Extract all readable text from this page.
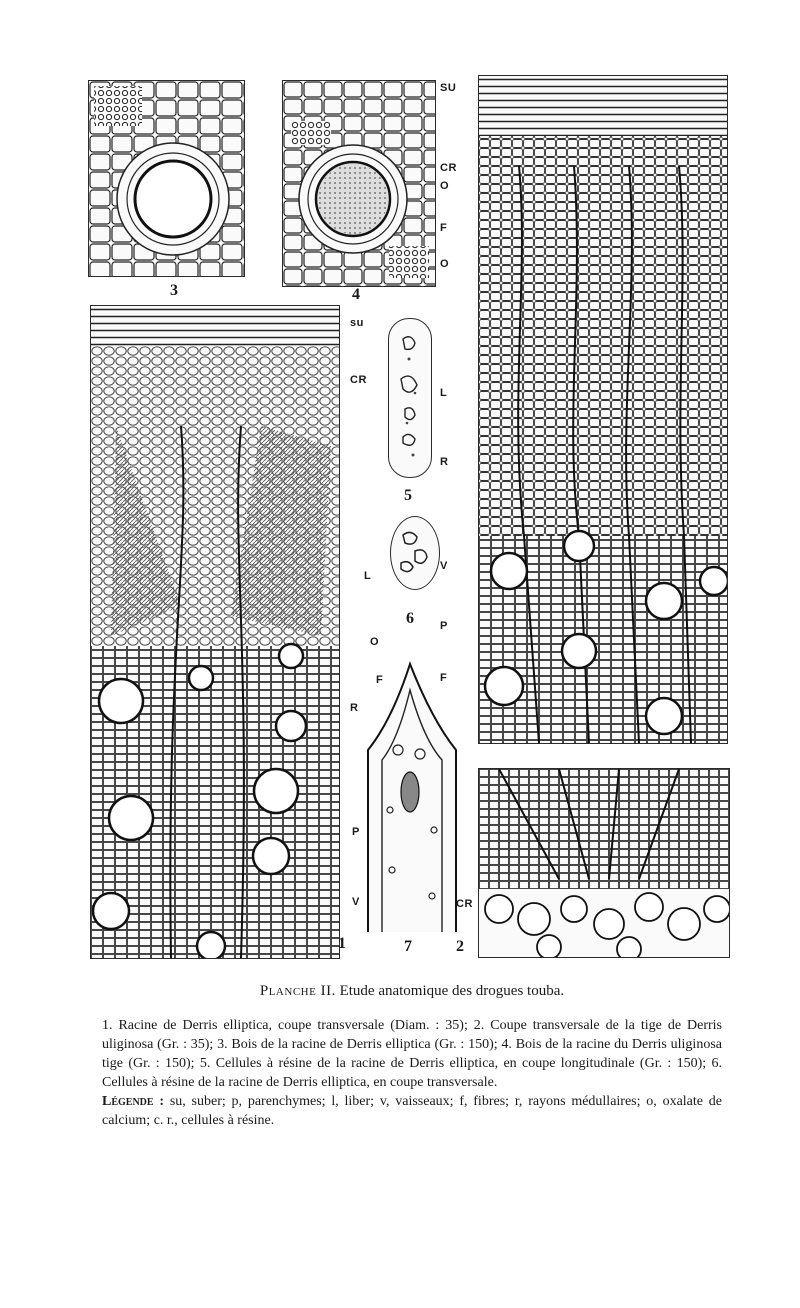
3	4
2
SU
CR
O
F
O
L
R
V
P
F
CR
1
su
CR
L
O
F
R
P
V
5
6
7
Planche II. Etude anatomique des drogues touba.

1. Racine de Derris elliptica, coupe transversale (Diam. : 35); 2. Coupe transversale de la tige de Derris uliginosa (Gr. : 35); 3. Bois de la racine de Derris elliptica (Gr. : 150); 4. Bois de la racine du Derris uliginosa tige (Gr. : 150); 5. Cellules à résine de la racine de Derris elliptica, en coupe longitudinale (Gr. : 150); 6. Cellules à résine de la racine de Derris elliptica, en coupe transversale.

Légende : su, suber; p, parenchymes; l, liber; v, vaisseaux; f, fibres; r, rayons médullaires; o, oxalate de calcium; c. r., cellules à résine.
